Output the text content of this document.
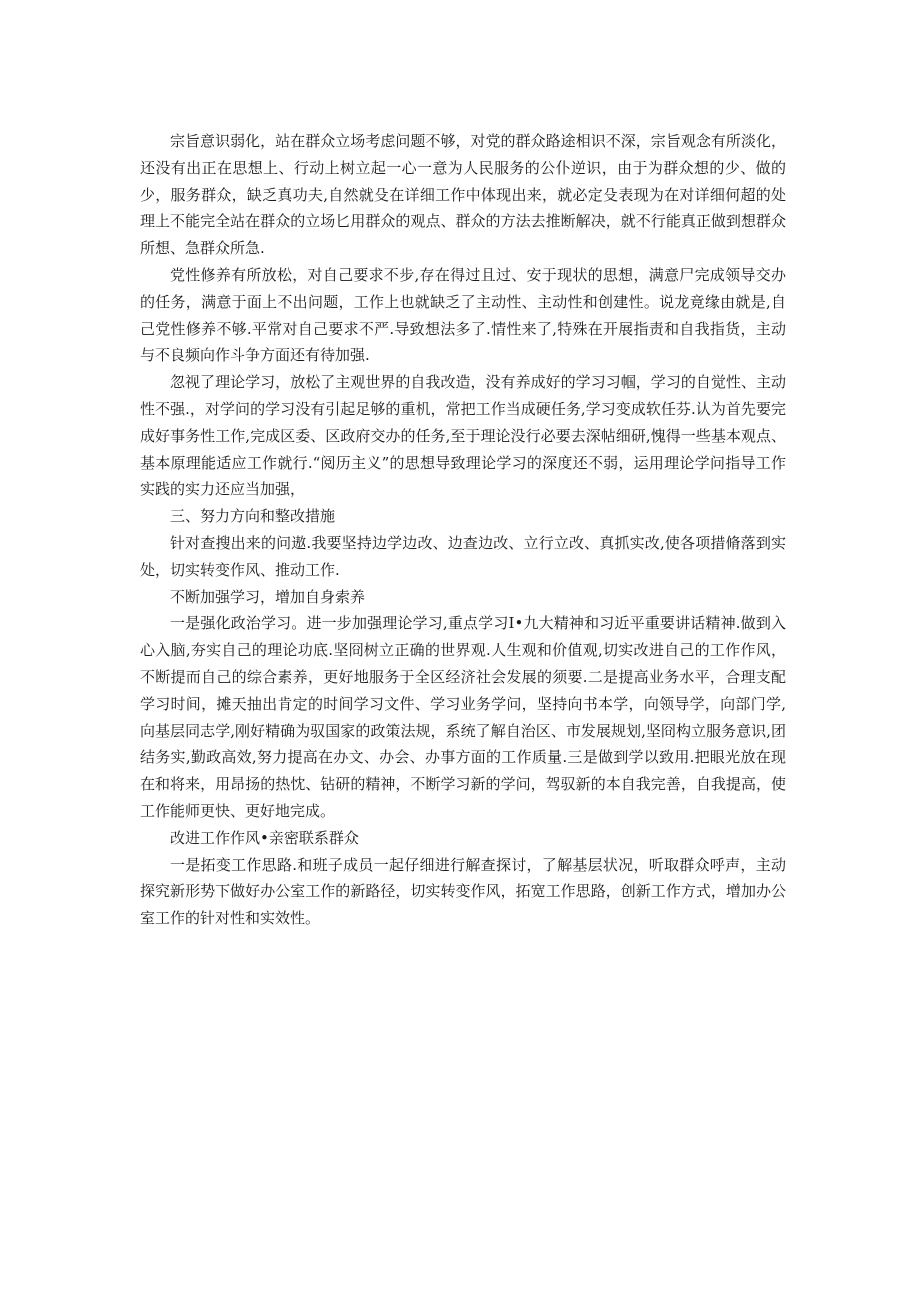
宗旨意识弱化，站在群众立场考虑问题不够，对党的群众路途相识不深，宗旨观念有所淡化，还没有出正在思想上、行动上树立起一心一意为人民服务的公仆逆识，由于为群众想的少、做的少，服务群众，缺乏真功夫,自然就殳在详细工作中体现出来，就必定殳表现为在对详细何超的处理上不能完全站在群众的立场匕用群众的观点、群众的方法去推断解决，就不行能真正做到想群众所想、急群众所急.

党性修养有所放松，对自己要求不步,存在得过且过、安于现状的思想，满意尸完成领导交办的任务，满意于面上不出问题，工作上也就缺乏了主动性、主动性和创建性。说龙竟缘由就是,自己党性修养不够.平常对自己要求不严.导致想法多了.情性来了,特殊在开展指责和自我指货，主动与不良频向作斗争方面还有待加强.

忽视了理论学习，放松了主观世界的自我改造，没有养成好的学习习帼，学习的自觉性、主动性不强.，对学问的学习没有引起足够的重机，常把工作当成硬任务,学习变成软任芬.认为首先要完成好事务性工作,完成区委、区政府交办的任务,至于理论没行必要去深帖细研,愧得一些基本观点、基本原理能适应工作就行.“阅历主义”的思想导致理论学习的深度还不弱，运用理论学问指导工作实践的实力还应当加强，

三、努力方向和整改措施

针对查搜出来的问遨.我要坚持边学边改、边查边改、立行立改、真抓实改,使各项措脩落到实处，切实转变作风、推动工作.

不断加强学习，增加自身索养

一是强化政治学习。进一步加强理论学习,重点学习I•九大精神和习近平重要讲话精神.做到入心入脑,夯实自己的理论功底.坚冏树立正确的世界观.人生观和价值观,切实改进自己的工作作风，不断提而自己的综合素养，更好地服务于全区经济社会发展的须要.二是提高业务水平，合理支配学习时间，摊天抽出肯定的时间学习文件、学习业务学问，坚持向书本学，向领导学，向部门学,向基层同志学,刚好精确为驭国家的政策法规，系统了解自治区、市发展规划,坚冏构立服务意识,团结务实,勤政高效,努力提高在办文、办会、办事方面的工作质量.三是做到学以致用.把眼光放在现在和将来，用昂扬的热忱、钻研的精神，不断学习新的学问，驾驭新的本自我完善，自我提高，使工作能师更快、更好地完成。

改进工作作风•亲密联系群众

一是拓变工作思路.和班子成员一起仔细进行解查探讨，了解基层状况，听取群众呼声，主动探究新形势下做好办公室工作的新路径，切实转变作风，拓宽工作思路，创新工作方式，增加办公室工作的针对性和实效性。
